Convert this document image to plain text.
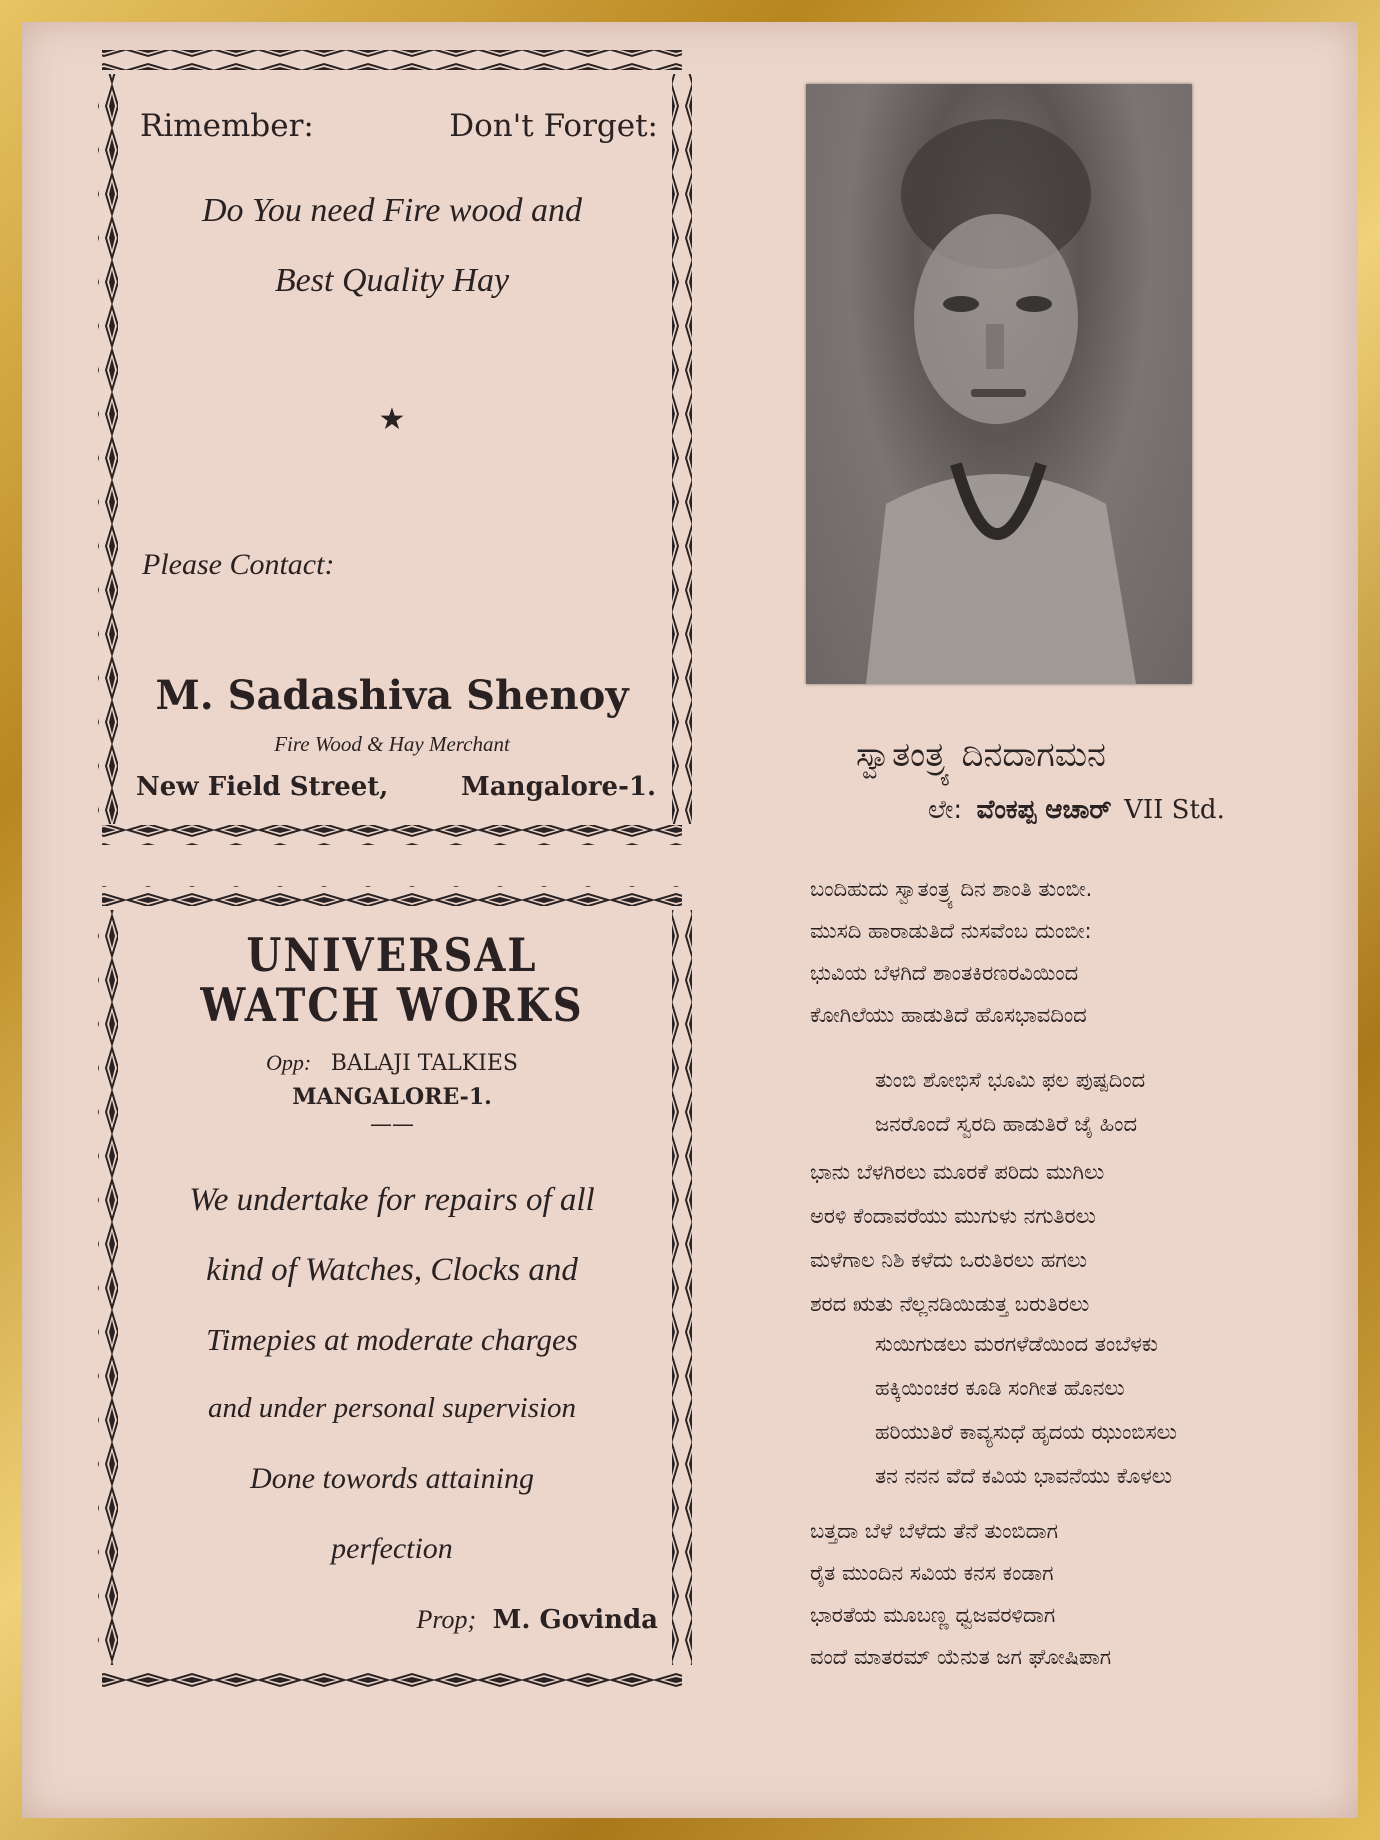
Rimember:	Don't Forget:
Do You need Fire wood and
Best Quality Hay
★
Please Contact:
M. Sadashiva Shenoy
Fire Wood & Hay Merchant
New Field Street,	Mangalore-1.
UNIVERSAL
WATCH WORKS
Opp: BALAJI TALKIES
MANGALORE-1.
——
We undertake for repairs of all
kind of Watches, Clocks and
Timepies at moderate charges
and under personal supervision
Done towords attaining
perfection
Prop; M. Govinda
ಸ್ವಾತಂತ್ರ್ಯ ದಿನದಾಗಮನ
ಲೇ: ವೆಂಕಪ್ಪ ಆಚಾರ್ VII Std.
ಬಂದಿಹುದು ಸ್ವಾತಂತ್ರ್ಯ ದಿನ ಶಾಂತಿ ತುಂಬೀ.
ಮುಸದಿ ಹಾರಾಡುತಿದೆ ನುಸವೆಂಬ ದುಂಬೀ:
ಭುವಿಯ ಬೆಳಗಿದೆ ಶಾಂತಕಿರಣರವಿಯಿಂದ
ಕೋಗಿಲೆಯು ಹಾಡುತಿದೆ ಹೊಸಭಾವದಿಂದ
ತುಂಬಿ ಶೋಭಿಸೆ ಭೂಮಿ ಫಲ ಪುಷ್ಪದಿಂದ
ಜನರೊಂದೆ ಸ್ವರದಿ ಹಾಡುತಿರೆ ಜೈ ಹಿಂದ
ಭಾನು ಬೆಳಗಿರಲು ಮೂರಕೆ ಪರಿದು ಮುಗಿಲು
ಅರಳಿ ಕೆಂದಾವರೆಯು ಮುಗುಳು ನಗುತಿರಲು
ಮಳೆಗಾಲ ನಿಶಿ ಕಳೆದು ಒರುತಿರಲು ಹಗಲು
ಶರದ ಋತು ನೆಲ್ಲನಡಿಯಿಡುತ್ತ ಬರುತಿರಲು
ಸುಯಿಗುಡಲು ಮರಗಳೆಡೆಯಿಂದ ತಂಬೆಳಕು
ಹಕ್ಕಿಯಿಂಚರ ಕೂಡಿ ಸಂಗೀತ ಹೊನಲು
ಹರಿಯುತಿರೆ ಕಾವ್ಯಸುಧೆ ಹೃದಯ ಝುಂಬಿಸಲು
ತನ ನನನ ವೆದೆ ಕವಿಯ ಭಾವನೆಯು ಕೊಳಲು
ಬತ್ತದಾ ಬೆಳೆ ಬೆಳೆದು ತೆನೆ ತುಂಬಿದಾಗ
ರೈತ ಮುಂದಿನ ಸವಿಯ ಕನಸ ಕಂಡಾಗ
ಭಾರತೆಯ ಮೂಬಣ್ಣ ಧ್ವಜವರಳಿದಾಗ
ವಂದೆ ಮಾತರಮ್ ಯೆನುತ ಜಗ ಘೋಷಿಪಾಗ
